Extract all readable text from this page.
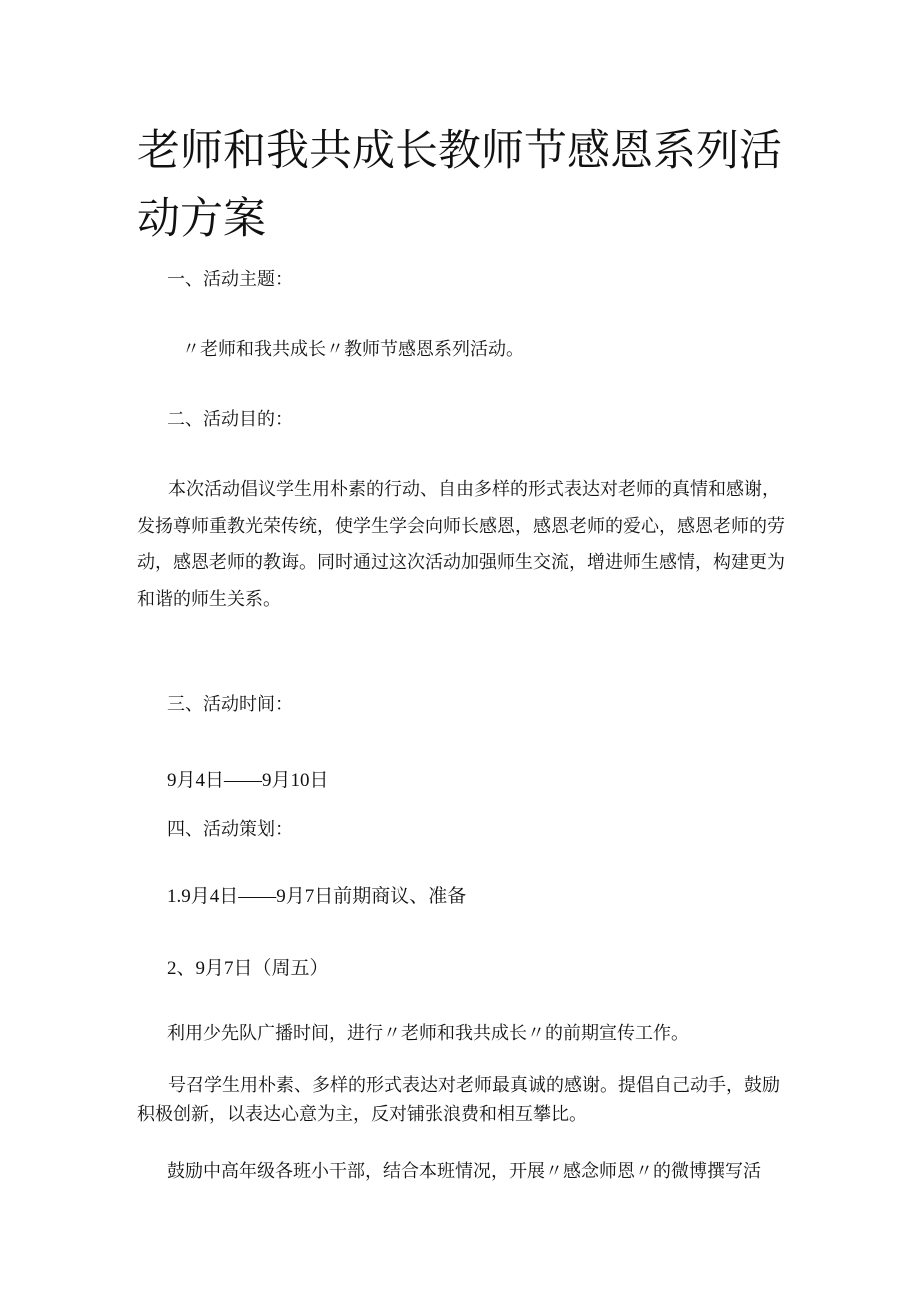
老师和我共成长教师节感恩系列活动方案
一、活动主题：
〃老师和我共成长〃教师节感恩系列活动。
二、活动目的：

本次活动倡议学生用朴素的行动、自由多样的形式表达对老师的真情和感谢，发扬尊师重教光荣传统，使学生学会向师长感恩，感恩老师的爱心，感恩老师的劳动，感恩老师的教诲。同时通过这次活动加强师生交流，增进师生感情，构建更为和谐的师生关系。

三、活动时间：
9月4日——9月10日
四、活动策划：
1.9月4日——9月7日前期商议、准备
2、9月7日（周五）
利用少先队广播时间，进行〃老师和我共成长〃的前期宣传工作。

号召学生用朴素、多样的形式表达对老师最真诚的感谢。提倡自己动手，鼓励积极创新，以表达心意为主，反对铺张浪费和相互攀比。

鼓励中高年级各班小干部，结合本班情况，开展〃感念师恩〃的微博撰写活
